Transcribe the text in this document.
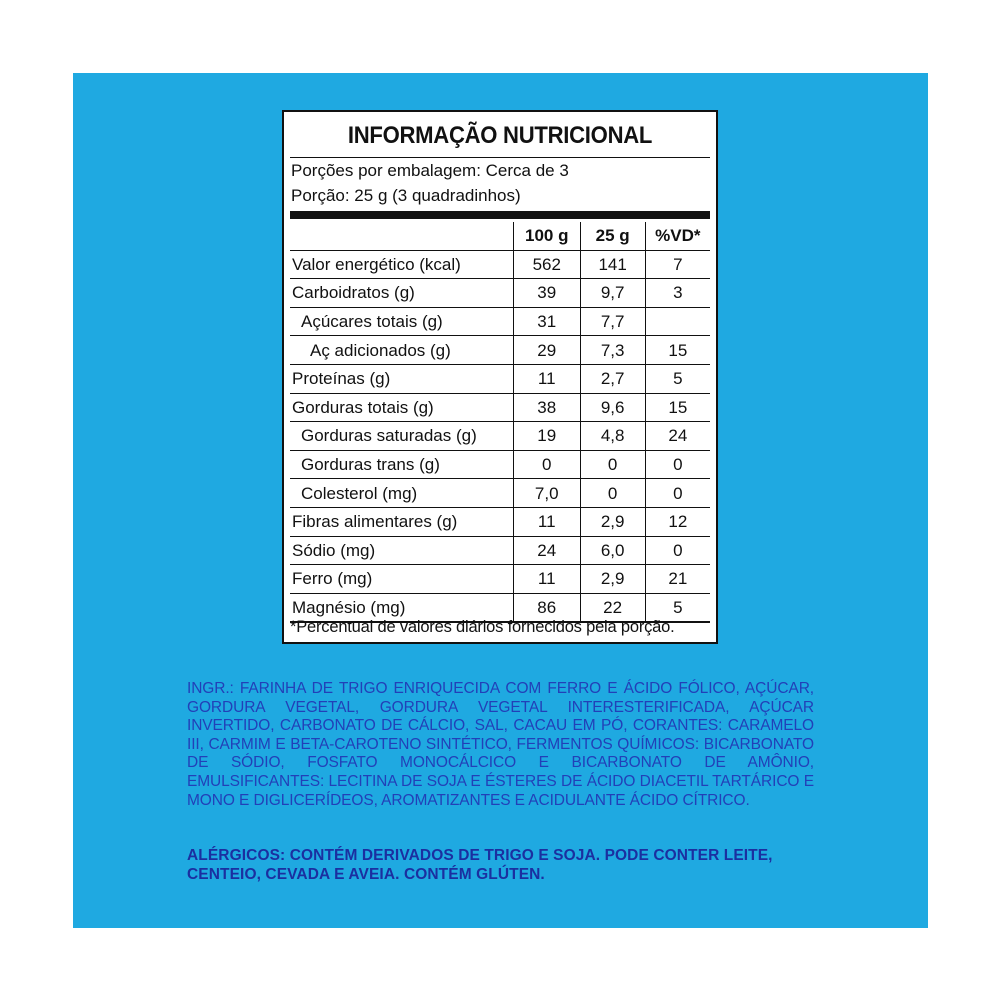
INFORMAÇÃO NUTRICIONAL
Porções por embalagem: Cerca de 3
Porção: 25 g (3 quadradinhos)
	100 g	25 g	%VD*
Valor energético (kcal)	562	141	7
Carboidratos (g)	39	9,7	3
Açúcares totais (g)	31	7,7	
Aç adicionados (g)	29	7,3	15
Proteínas (g)	11	2,7	5
Gorduras totais (g)	38	9,6	15
Gorduras saturadas (g)	19	4,8	24
Gorduras trans (g)	0	0	0
Colesterol (mg)	7,0	0	0
Fibras alimentares (g)	11	2,9	12
Sódio (mg)	24	6,0	0
Ferro (mg)	11	2,9	21
Magnésio (mg)	86	22	5
*Percentual de valores diários fornecidos pela porção.
INGR.: FARINHA DE TRIGO ENRIQUECIDA COM FERRO E ÁCIDO FÓLICO, AÇÚCAR, GORDURA VEGETAL, GORDURA VEGETAL INTERESTERIFICADA, AÇÚCAR INVERTIDO, CARBONATO DE CÁLCIO, SAL, CACAU EM PÓ, CORANTES: CARAMELO III, CARMIM E BETA-CAROTENO SINTÉTICO, FERMENTOS QUÍMICOS: BICARBONATO DE SÓDIO, FOSFATO MONOCÁLCICO E BICARBONATO DE AMÔNIO, EMULSIFICANTES: LECITINA DE SOJA E ÉSTERES DE ÁCIDO DIACETIL TARTÁRICO E MONO E DIGLICERÍDEOS, AROMATIZANTES E ACIDULANTE ÁCIDO CÍTRICO.
ALÉRGICOS: CONTÉM DERIVADOS DE TRIGO E SOJA. PODE CONTER LEITE, CENTEIO, CEVADA E AVEIA. CONTÉM GLÚTEN.
